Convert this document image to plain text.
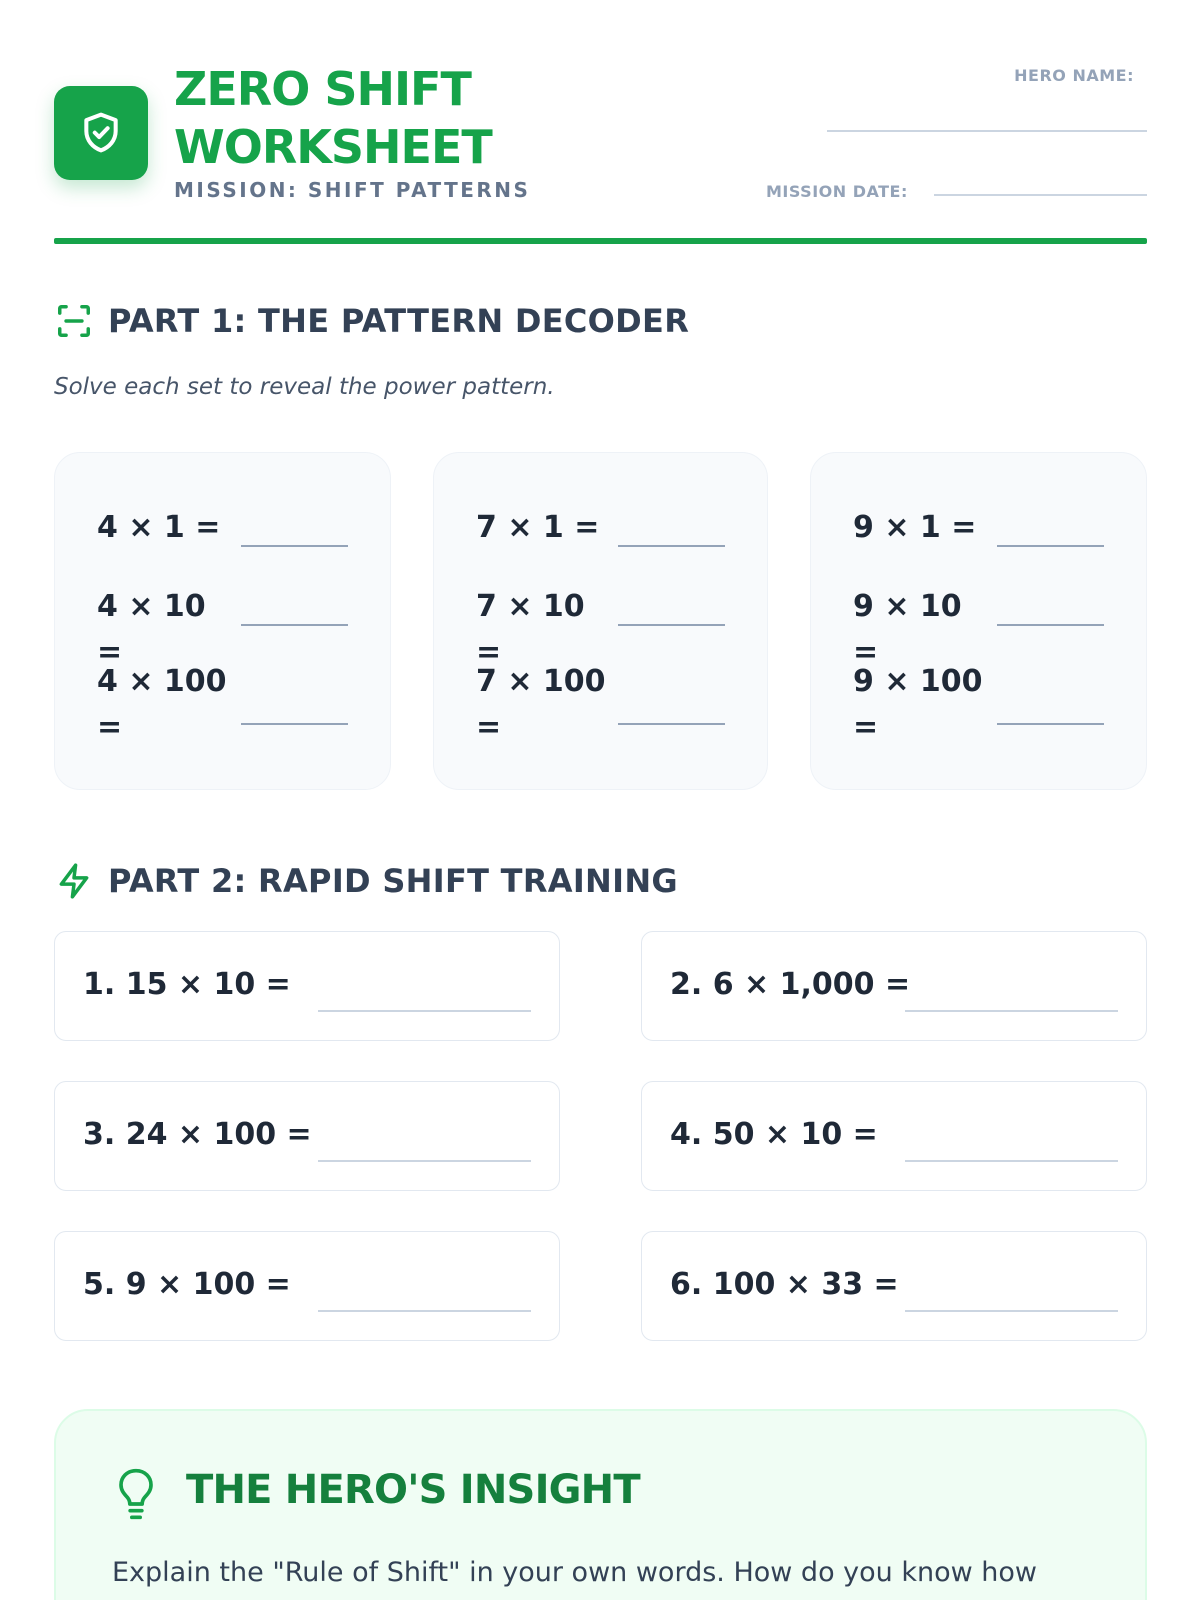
ZERO SHIFT WORKSHEET
MISSION: SHIFT PATTERNS
HERO NAME:
MISSION DATE:
PART 1: THE PATTERN DECODER
Solve each set to reveal the power pattern.
4 × 1 =
4 × 10 =
4 × 100 =
7 × 1 =
7 × 10 =
7 × 100 =
9 × 1 =
9 × 10 =
9 × 100 =
PART 2: RAPID SHIFT TRAINING
1. 15 × 10 =	2. 6 × 1,000 =
3. 24 × 100 =	4. 50 × 10 =
5. 9 × 100 =	6. 100 × 33 =
THE HERO'S INSIGHT
Explain the "Rule of Shift" in your own words. How do you know how
